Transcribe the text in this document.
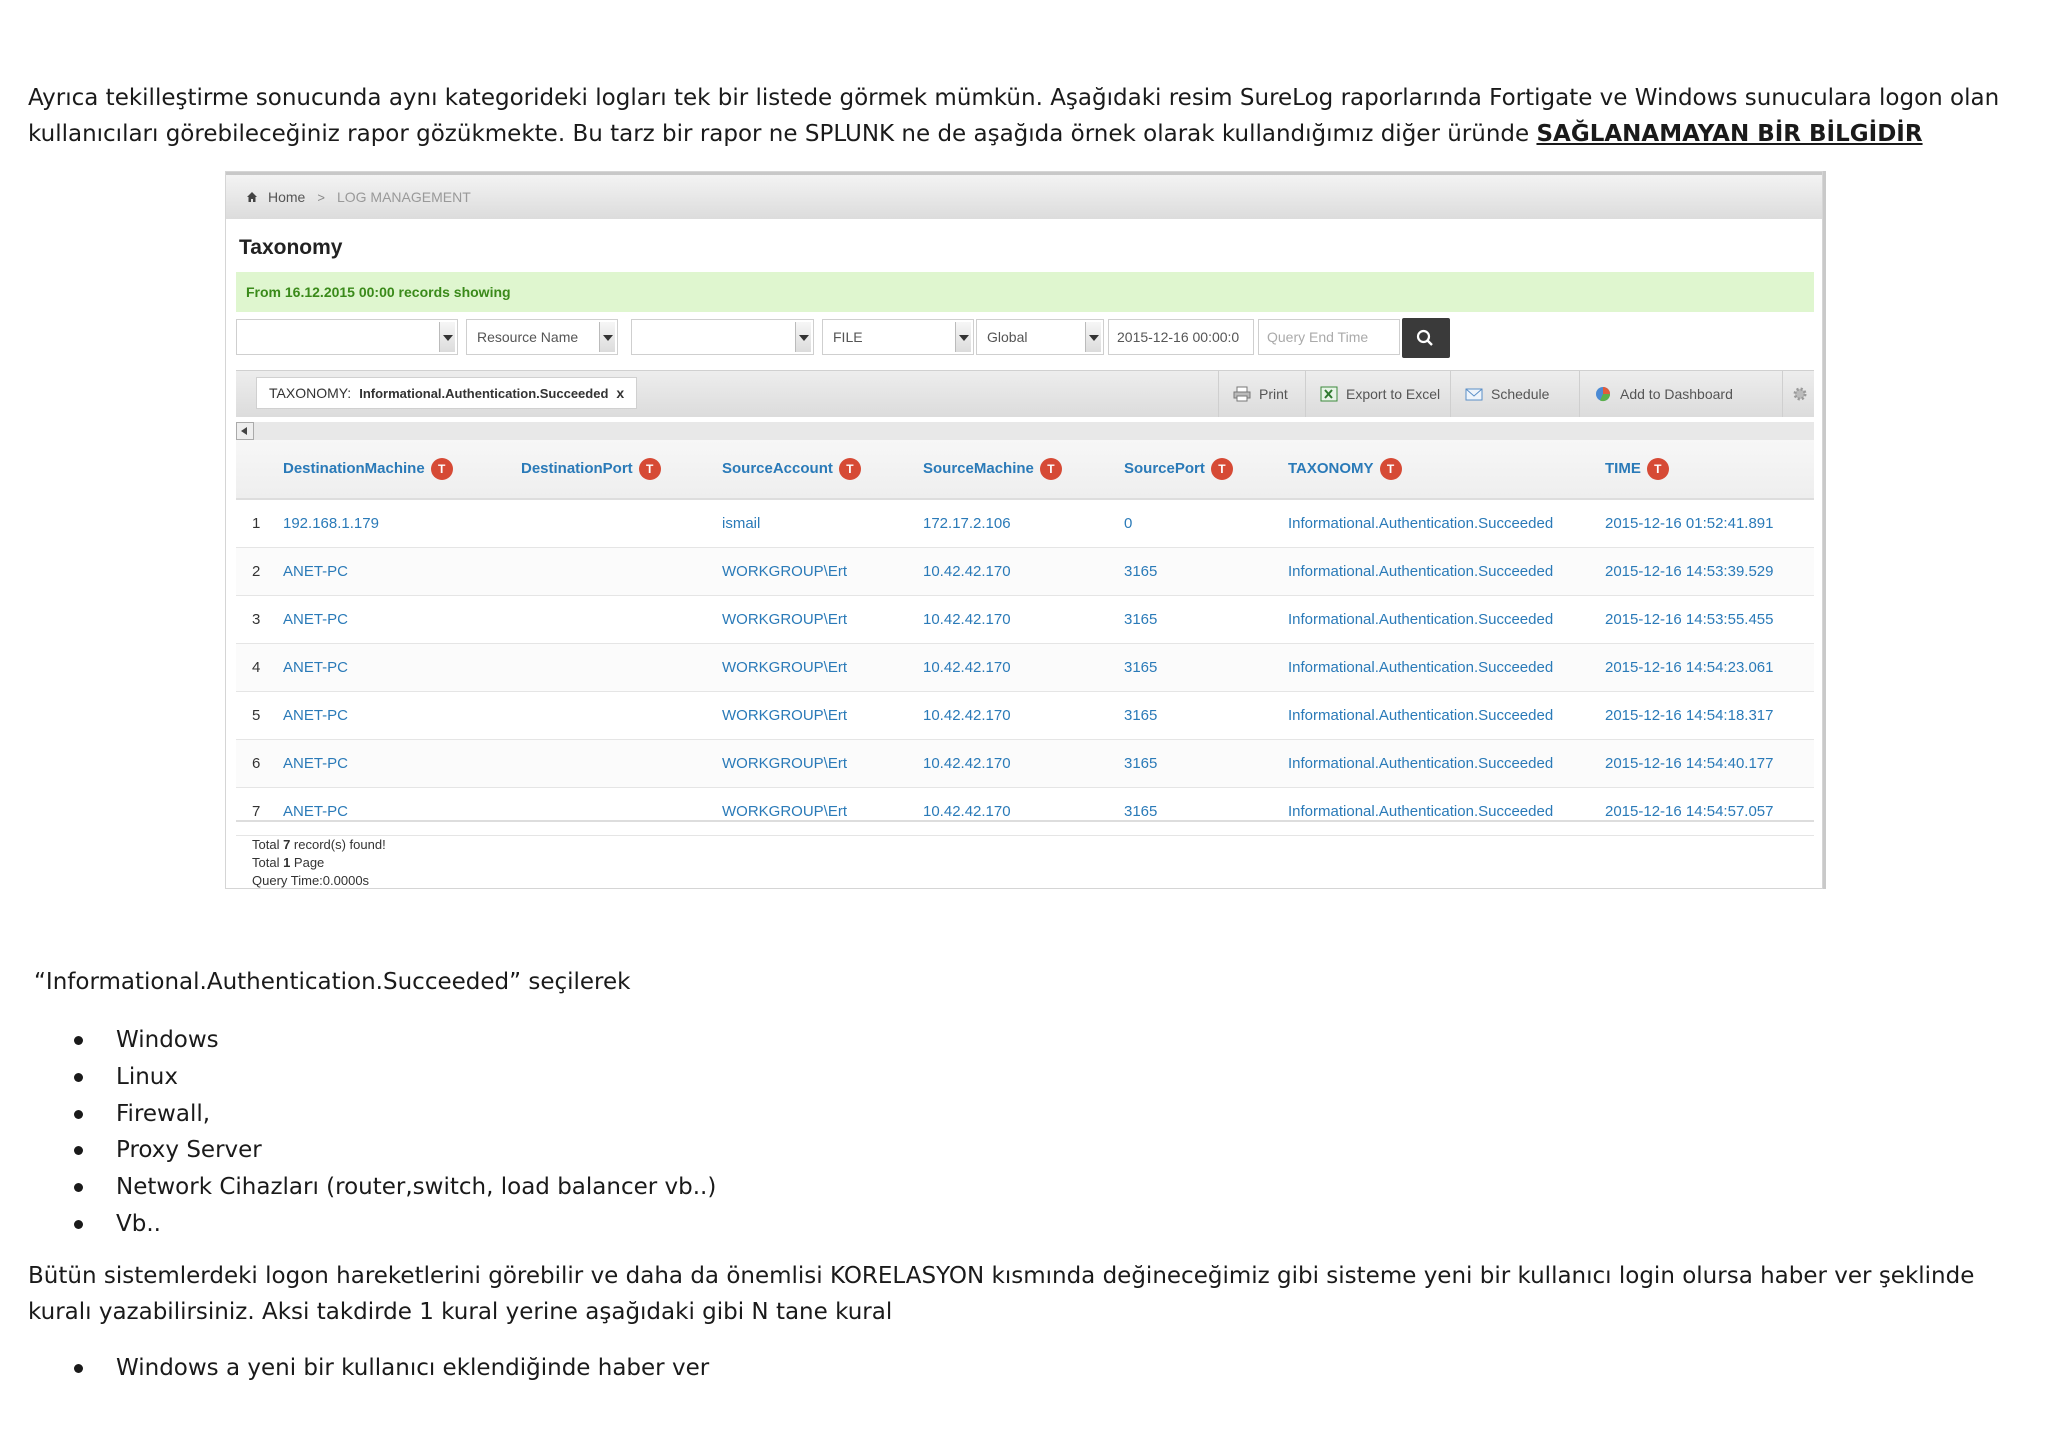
Ayrıca tekilleştirme sonucunda aynı kategorideki logları tek bir listede görmek mümkün. Aşağıdaki resim SureLog raporlarında Fortigate ve Windows sunuculara logon olan kullanıcıları görebileceğiniz rapor gözükmekte. Bu tarz bir rapor ne SPLUNK ne de aşağıda örnek olarak kullandığımız diğer üründe SAĞLANAMAYAN BİR BİLGİDİR
Home > LOG MANAGEMENT
Taxonomy
From 16.12.2015 00:00 records showing
Resource Name	FILE	Global	2015-12-16 00:00:0	Query End Time
TAXONOMY: Informational.Authentication.Succeeded x	Print	Export to Excel	Schedule	Add to Dashboard
	DestinationMachine T	DestinationPort T	SourceAccount T	SourceMachine T	SourcePort T	TAXONOMY T	TIME T
1	192.168.1.179		ismail	172.17.2.106	0	Informational.Authentication.Succeeded	2015-12-16 01:52:41.891
2	ANET-PC		WORKGROUP\Ert	10.42.42.170	3165	Informational.Authentication.Succeeded	2015-12-16 14:53:39.529
3	ANET-PC		WORKGROUP\Ert	10.42.42.170	3165	Informational.Authentication.Succeeded	2015-12-16 14:53:55.455
4	ANET-PC		WORKGROUP\Ert	10.42.42.170	3165	Informational.Authentication.Succeeded	2015-12-16 14:54:23.061
5	ANET-PC		WORKGROUP\Ert	10.42.42.170	3165	Informational.Authentication.Succeeded	2015-12-16 14:54:18.317
6	ANET-PC		WORKGROUP\Ert	10.42.42.170	3165	Informational.Authentication.Succeeded	2015-12-16 14:54:40.177
7	ANET-PC		WORKGROUP\Ert	10.42.42.170	3165	Informational.Authentication.Succeeded	2015-12-16 14:54:57.057
Total 7 record(s) found!
Total 1 Page
Query Time:0.0000s
“Informational.Authentication.Succeeded” seçilerek
Windows
Linux
Firewall,
Proxy Server
Network Cihazları (router,switch, load balancer vb..)
Vb..
Bütün sistemlerdeki logon hareketlerini görebilir ve daha da önemlisi KORELASYON kısmında değineceğimiz gibi sisteme yeni bir kullanıcı login olursa haber ver şeklinde kuralı yazabilirsiniz. Aksi takdirde 1 kural yerine aşağıdaki gibi N tane kural
Windows a yeni bir kullanıcı eklendiğinde haber ver
